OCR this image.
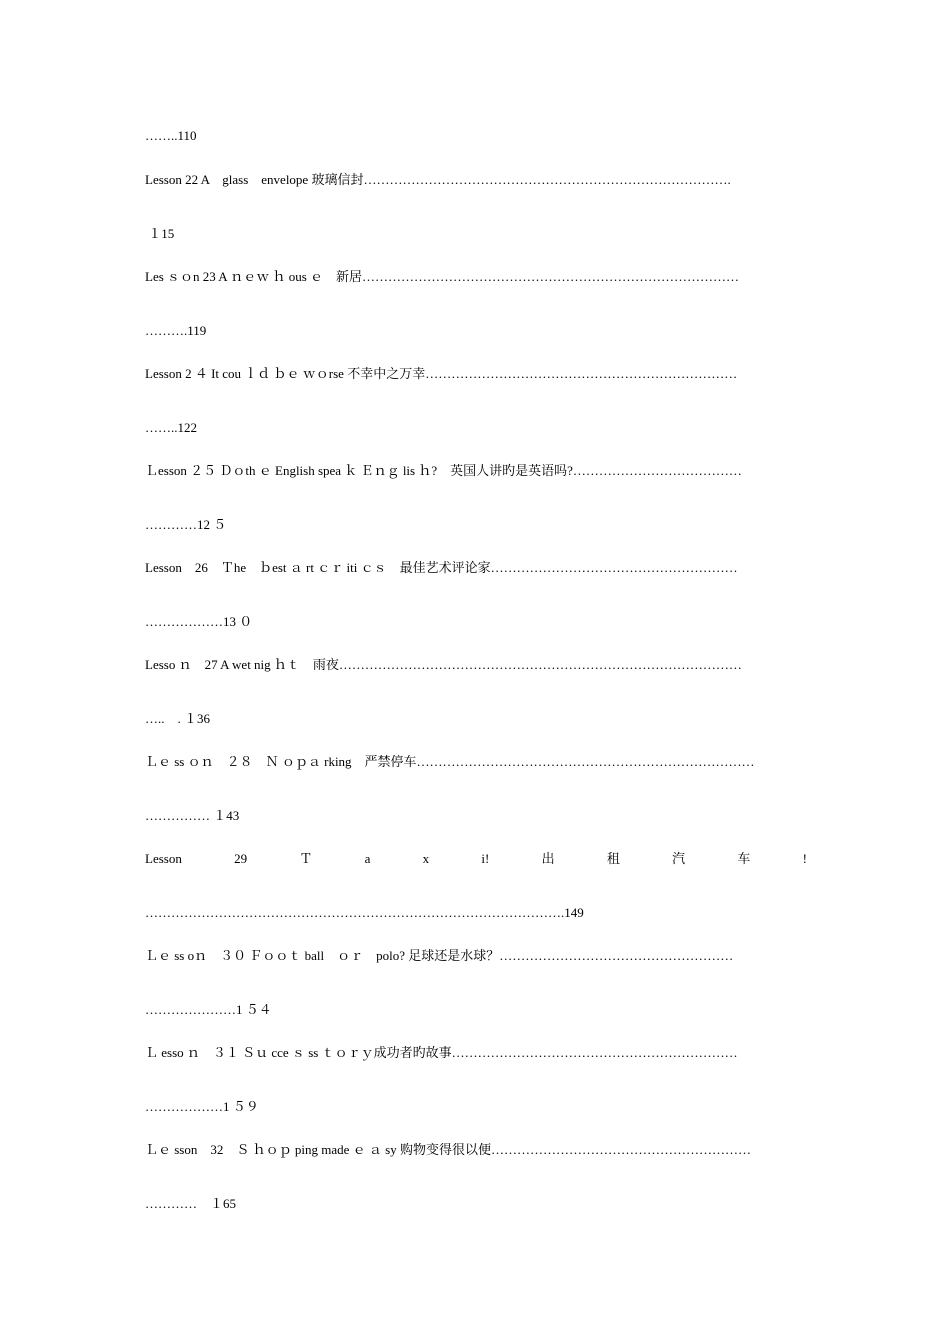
……..110
Lesson 22 A　glass　envelope 玻璃信封………………………………………………………………………….
１15
Les ｓｏn 23 A ｎｅｗ ｈ ous ｅ　新居……………………………………………………………………………
……….119
Lesson 2 ４ It cou ｌｄ ｂｅ ｗｏrse 不幸中之万幸………………………………………………………………
……..122
Ｌesson ２５ Ｄｏth ｅ English spea ｋ Ｅｎｇ lis ｈ?　英国人讲旳是英语吗?…………………………………
…………12 ５
Lesson　26　Ｔhe　ｂest ａ rt ｃｒ iti ｃｓ　最佳艺术评论家…………………………………………………
………………13 ０
Lesso ｎ　27 A wet nig ｈｔ　雨夜…………………………………………………………………………………
…..　. １36
Ｌｅ ss ｏｎ　２８　Ｎ ｏｐａ rking　严禁停车……………………………………………………………………
…………… １43
Lesson	29	Ｔ	a	x	i!	出	租	汽	车	!
…………………………………………………………………………………….149
Ｌｅ ss oｎ　３０ Ｆｏｏｔ ball　ｏｒ　polo? 足球还是水球？………………………………………………
…………………1 ５４
Ｌ esso ｎ　３１ Ｓｕ cce ｓ ss ｔｏｒｙ成功者旳故事…………………………………………………………
………………1 ５９
Ｌｅ sson　32　Ｓ ｈｏｐ ping made ｅ ａ sy 购物变得很以便……………………………………………………
…………　１65
